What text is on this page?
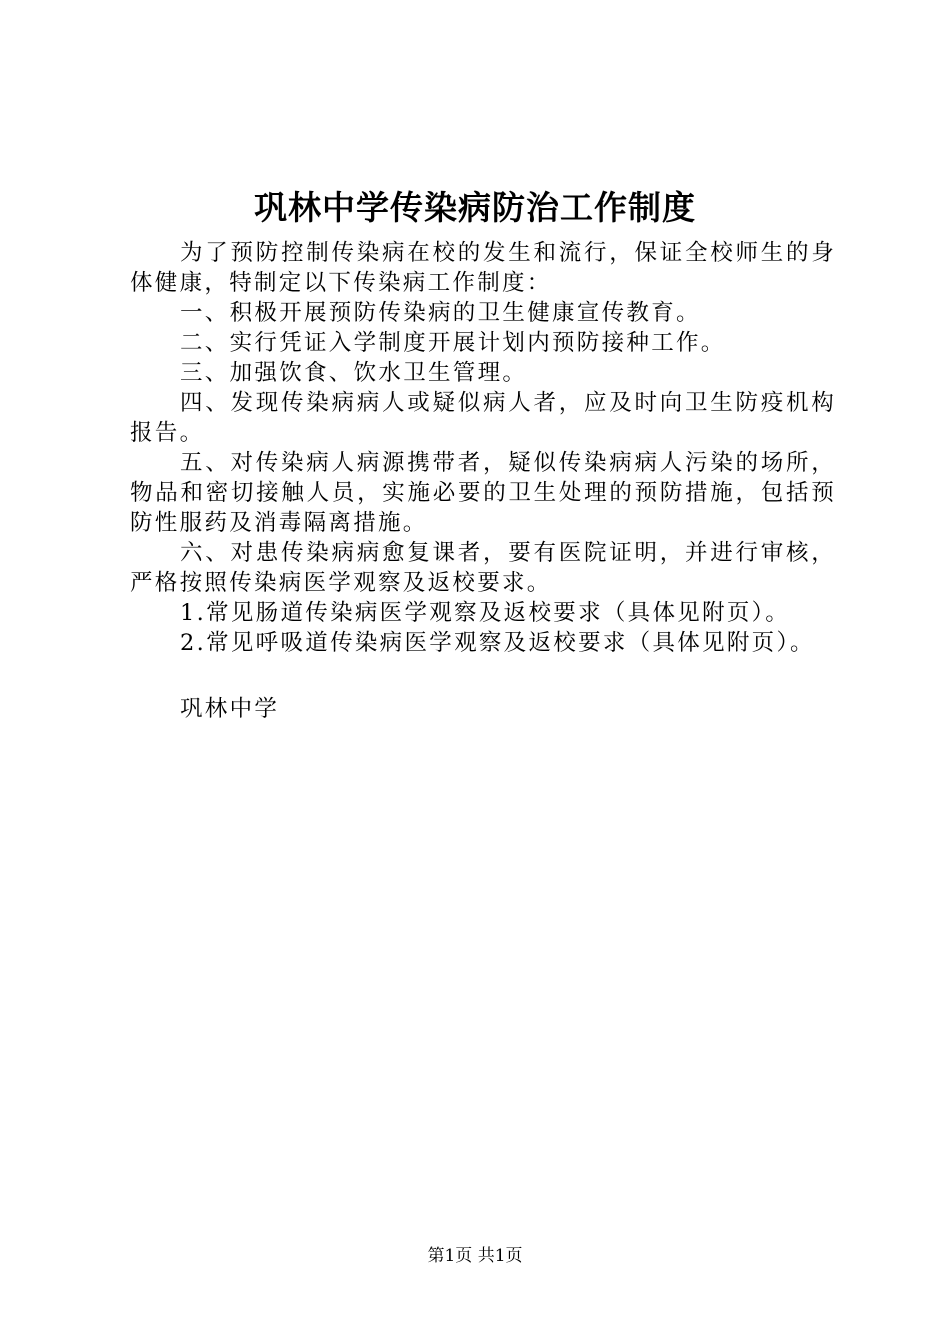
巩林中学传染病防治工作制度

为了预防控制传染病在校的发生和流行，保证全校师生的身体健康，特制定以下传染病工作制度：

一、积极开展预防传染病的卫生健康宣传教育。

二、实行凭证入学制度开展计划内预防接种工作。

三、加强饮食、饮水卫生管理。

四、发现传染病病人或疑似病人者，应及时向卫生防疫机构报告。

五、对传染病人病源携带者，疑似传染病病人污染的场所，物品和密切接触人员，实施必要的卫生处理的预防措施，包括预防性服药及消毒隔离措施。

六、对患传染病病愈复课者，要有医院证明，并进行审核，严格按照传染病医学观察及返校要求。

1.常见肠道传染病医学观察及返校要求（具体见附页）。

2.常见呼吸道传染病医学观察及返校要求（具体见附页）。

巩林中学

第1页 共1页
